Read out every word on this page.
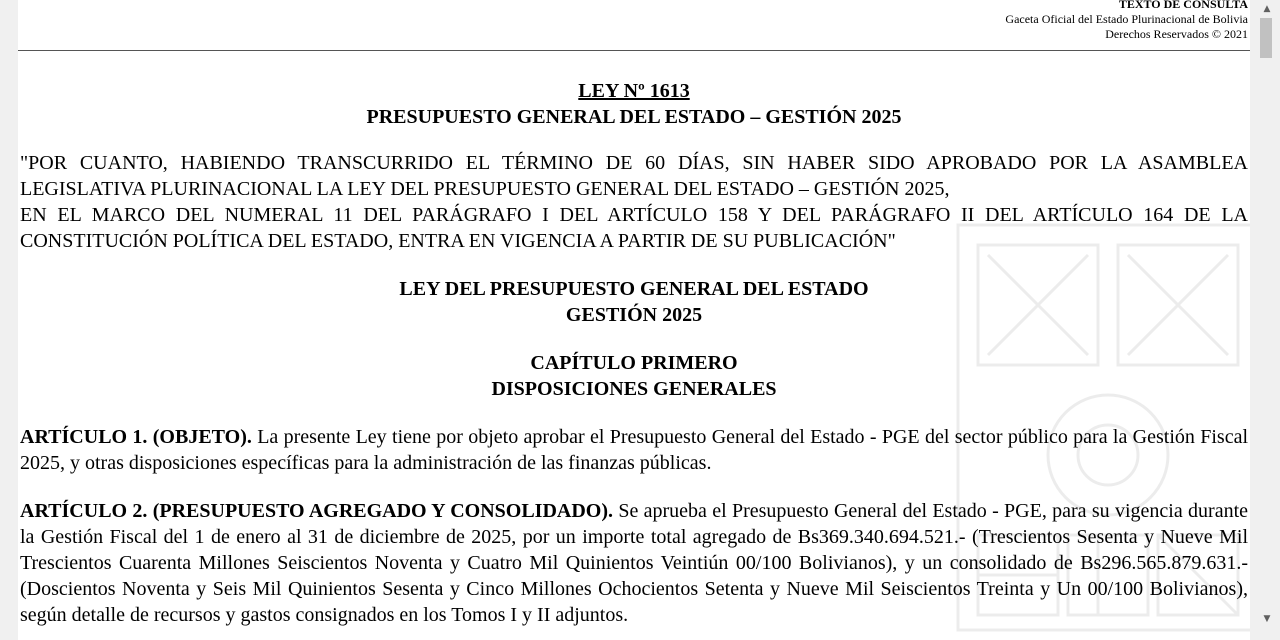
TEXTO DE CONSULTA
Gaceta Oficial del Estado Plurinacional de Bolivia
Derechos Reservados © 2021

LEY Nº 1613

PRESUPUESTO GENERAL DEL ESTADO – GESTIÓN 2025

"POR CUANTO, HABIENDO TRANSCURRIDO EL TÉRMINO DE 60 DÍAS, SIN HABER SIDO APROBADO POR LA ASAMBLEA LEGISLATIVA PLURINACIONAL LA LEY DEL PRESUPUESTO GENERAL DEL ESTADO – GESTIÓN 2025,

EN EL MARCO DEL NUMERAL 11 DEL PARÁGRAFO I DEL ARTÍCULO 158 Y DEL PARÁGRAFO II DEL ARTÍCULO 164 DE LA CONSTITUCIÓN POLÍTICA DEL ESTADO, ENTRA EN VIGENCIA A PARTIR DE SU PUBLICACIÓN"

LEY DEL PRESUPUESTO GENERAL DEL ESTADO

GESTIÓN 2025

CAPÍTULO PRIMERO

DISPOSICIONES GENERALES

ARTÍCULO 1. (OBJETO). La presente Ley tiene por objeto aprobar el Presupuesto General del Estado - PGE del sector público para la Gestión Fiscal 2025, y otras disposiciones específicas para la administración de las finanzas públicas.

ARTÍCULO 2. (PRESUPUESTO AGREGADO Y CONSOLIDADO). Se aprueba el Presupuesto General del Estado - PGE, para su vigencia durante la Gestión Fiscal del 1 de enero al 31 de diciembre de 2025, por un importe total agregado de Bs369.340.694.521.- (Trescientos Sesenta y Nueve Mil Trescientos Cuarenta Millones Seiscientos Noventa y Cuatro Mil Quinientos Veintiún 00/100 Bolivianos), y un consolidado de Bs296.565.879.631.- (Doscientos Noventa y Seis Mil Quinientos Sesenta y Cinco Millones Ochocientos Setenta y Nueve Mil Seiscientos Treinta y Un 00/100 Bolivianos), según detalle de recursos y gastos consignados en los Tomos I y II adjuntos.

▲
▼
